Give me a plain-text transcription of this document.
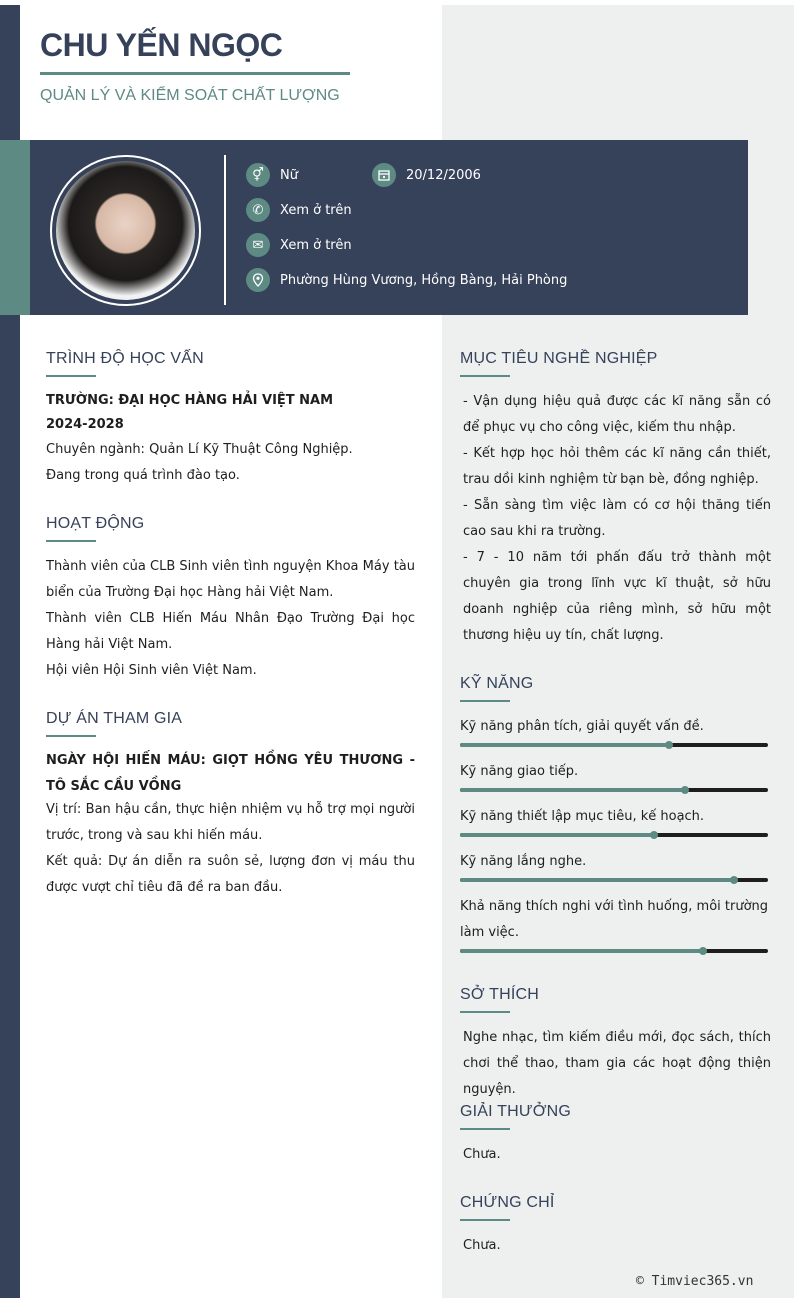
CHU YẾN NGỌC
QUẢN LÝ VÀ KIỂM SOÁT CHẤT LƯỢNG
⚥	Nữ	20/12/2006
✆	Xem ở trên
✉	Xem ở trên
Phường Hùng Vương, Hồng Bàng, Hải Phòng
TRÌNH ĐỘ HỌC VẤN
TRƯỜNG: ĐẠI HỌC HÀNG HẢI VIỆT NAM
2024-2028
Chuyên ngành: Quản Lí Kỹ Thuật Công Nghiệp.
Đang trong quá trình đào tạo.
HOẠT ĐỘNG
Thành viên của CLB Sinh viên tình nguyện Khoa Máy tàu biển của Trường Đại học Hàng hải Việt Nam.
Thành viên CLB Hiến Máu Nhân Đạo Trường Đại học Hàng hải Việt Nam.
Hội viên Hội Sinh viên Việt Nam.
DỰ ÁN THAM GIA
NGÀY HỘI HIẾN MÁU: GIỌT HỒNG YÊU THƯƠNG - TÔ SẮC CẦU VỒNG
Vị trí: Ban hậu cần, thực hiện nhiệm vụ hỗ trợ mọi người trước, trong và sau khi hiến máu.
Kết quả: Dự án diễn ra suôn sẻ, lượng đơn vị máu thu được vượt chỉ tiêu đã đề ra ban đầu.
MỤC TIÊU NGHỀ NGHIỆP
- Vận dụng hiệu quả được các kĩ năng sẵn có để phục vụ cho công việc, kiếm thu nhập.
- Kết hợp học hỏi thêm các kĩ năng cần thiết, trau dồi kinh nghiệm từ bạn bè, đồng nghiệp.
- Sẵn sàng tìm việc làm có cơ hội thăng tiến cao sau khi ra trường.
- 7 - 10 năm tới phấn đấu trở thành một chuyên gia trong lĩnh vực kĩ thuật, sở hữu doanh nghiệp của riêng mình, sở hữu một thương hiệu uy tín, chất lượng.
KỸ NĂNG
Kỹ năng phân tích, giải quyết vấn đề.
Kỹ năng giao tiếp.
Kỹ năng thiết lập mục tiêu, kế hoạch.
Kỹ năng lắng nghe.
Khả năng thích nghi với tình huống, môi trường làm việc.
SỞ THÍCH
Nghe nhạc, tìm kiếm điều mới, đọc sách, thích chơi thể thao, tham gia các hoạt động thiện nguyện.
GIẢI THƯỞNG
Chưa.
CHỨNG CHỈ
Chưa.
© Timviec365.vn
